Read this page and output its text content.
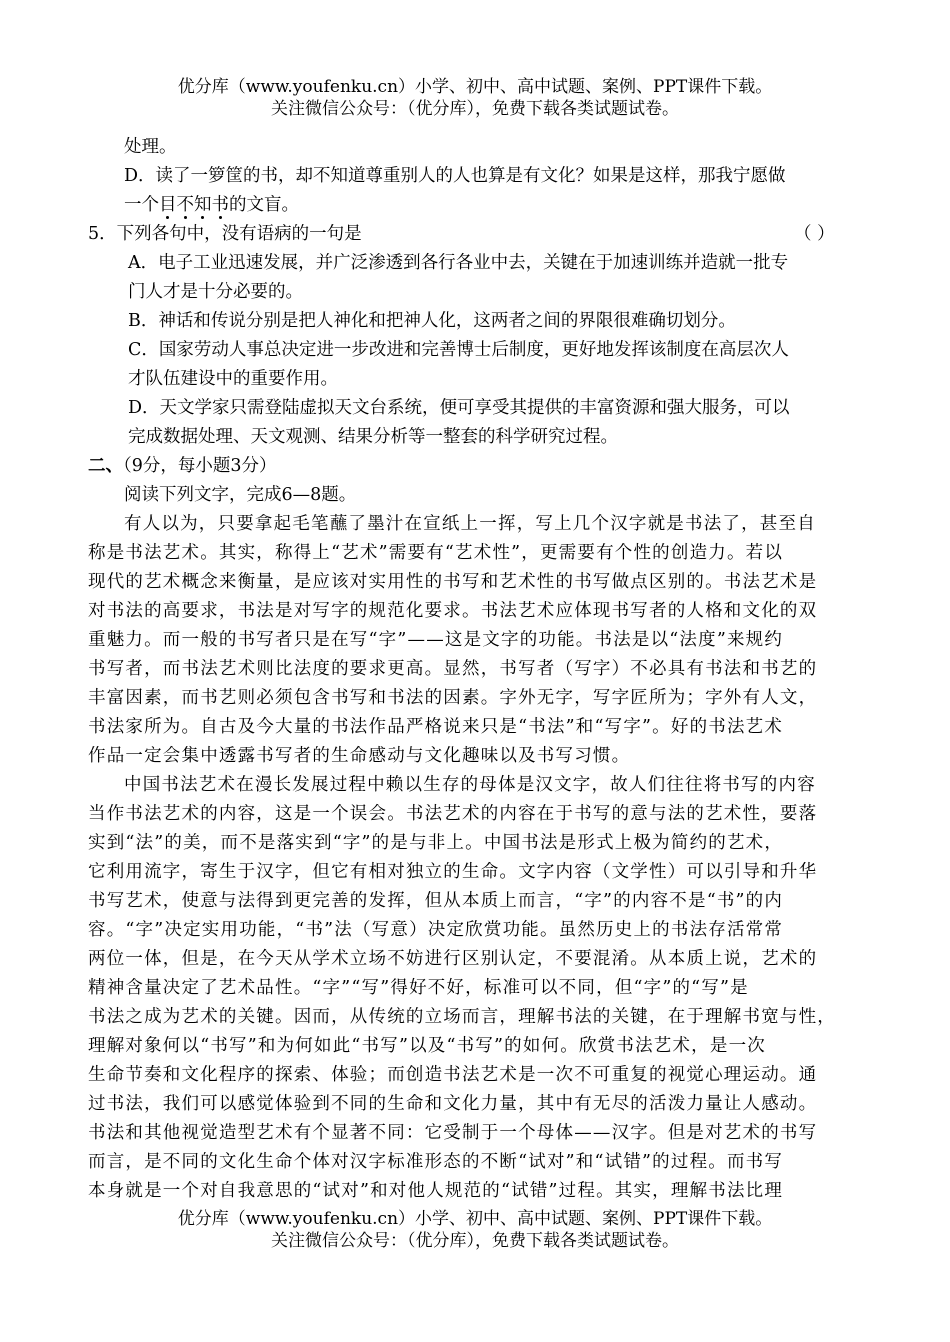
优分库（www.youfenku.cn）小学、初中、高中试题、案例、PPT课件下载。
关注微信公众号：（优分库），免费下载各类试题试卷。
处理。
D．读了一箩筐的书，却不知道尊重别人的人也算是有文化？如果是这样，那我宁愿做
一个目不知书的文盲。
5．下列各句中，没有语病的一句是	（ ）
A．电子工业迅速发展，并广泛渗透到各行各业中去，关键在于加速训练并造就一批专
门人才是十分必要的。
B．神话和传说分别是把人神化和把神人化，这两者之间的界限很难确切划分。
C．国家劳动人事总决定进一步改进和完善博士后制度，更好地发挥该制度在高层次人
才队伍建设中的重要作用。
D．天文学家只需登陆虚拟天文台系统，便可享受其提供的丰富资源和强大服务，可以
完成数据处理、天文观测、结果分析等一整套的科学研究过程。
二、（9分，每小题3分）
阅读下列文字，完成6—8题。
有人以为，只要拿起毛笔蘸了墨汁在宣纸上一挥，写上几个汉字就是书法了，甚至自
称是书法艺术。其实，称得上“艺术”需要有“艺术性”，更需要有个性的创造力。若以
现代的艺术概念来衡量，是应该对实用性的书写和艺术性的书写做点区别的。书法艺术是
对书法的高要求，书法是对写字的规范化要求。书法艺术应体现书写者的人格和文化的双
重魅力。而一般的书写者只是在写“字”——这是文字的功能。书法是以“法度”来规约
书写者，而书法艺术则比法度的要求更高。显然，书写者（写字）不必具有书法和书艺的
丰富因素，而书艺则必须包含书写和书法的因素。字外无字，写字匠所为；字外有人文，
书法家所为。自古及今大量的书法作品严格说来只是“书法”和“写字”。好的书法艺术
作品一定会集中透露书写者的生命感动与文化趣味以及书写习惯。
中国书法艺术在漫长发展过程中赖以生存的母体是汉文字，故人们往往将书写的内容
当作书法艺术的内容，这是一个误会。书法艺术的内容在于书写的意与法的艺术性，要落
实到“法”的美，而不是落实到“字”的是与非上。中国书法是形式上极为简约的艺术，
它利用流字，寄生于汉字，但它有相对独立的生命。文字内容（文学性）可以引导和升华
书写艺术，使意与法得到更完善的发挥，但从本质上而言，“字”的内容不是“书”的内
容。“字”决定实用功能，“书”法（写意）决定欣赏功能。虽然历史上的书法存活常常
两位一体，但是，在今天从学术立场不妨进行区别认定，不要混淆。从本质上说，艺术的
精神含量决定了艺术品性。“字”“写”得好不好，标准可以不同，但“字”的“写”是
书法之成为艺术的关键。因而，从传统的立场而言，理解书法的关键，在于理解书宽与性，
理解对象何以“书写”和为何如此“书写”以及“书写”的如何。欣赏书法艺术，是一次
生命节奏和文化程序的探索、体验；而创造书法艺术是一次不可重复的视觉心理运动。通
过书法，我们可以感觉体验到不同的生命和文化力量，其中有无尽的活泼力量让人感动。
书法和其他视觉造型艺术有个显著不同：它受制于一个母体——汉字。但是对艺术的书写
而言，是不同的文化生命个体对汉字标准形态的不断“试对”和“试错”的过程。而书写
本身就是一个对自我意思的“试对”和对他人规范的“试错”过程。其实，理解书法比理
优分库（www.youfenku.cn）小学、初中、高中试题、案例、PPT课件下载。
关注微信公众号：（优分库），免费下载各类试题试卷。
